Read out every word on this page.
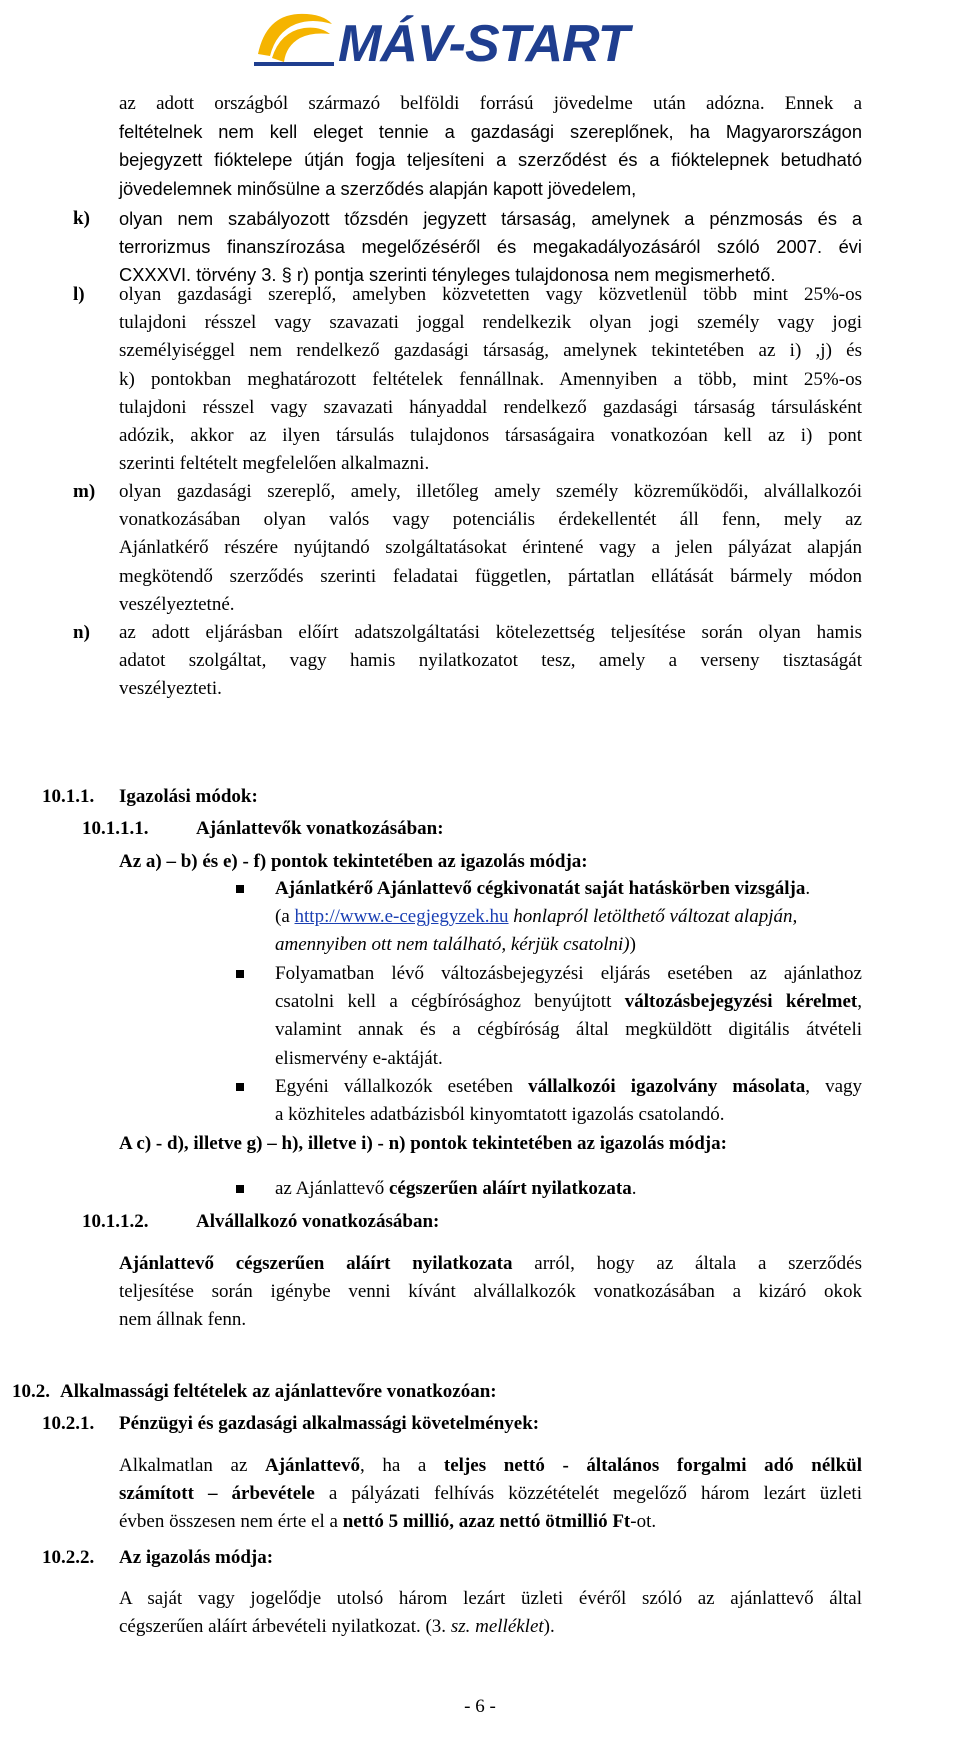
MÁV-START
az adott országból származó belföldi forrású jövedelme után adózna. Ennek a
feltételnek nem kell eleget tennie a gazdasági szereplőnek, ha Magyarországon
bejegyzett fióktelepe útján fogja teljesíteni a szerződést és a fióktelepnek betudható
jövedelemnek minősülne a szerződés alapján kapott jövedelem,
k) olyan nem szabályozott tőzsdén jegyzett társaság, amelynek a pénzmosás és a
terrorizmus finanszírozása megelőzéséről és megakadályozásáról szóló 2007. évi
CXXXVI. törvény 3. § r) pontja szerinti tényleges tulajdonosa nem megismerhető.
l) olyan gazdasági szereplő, amelyben közvetetten vagy közvetlenül több mint 25%-os
tulajdoni résszel vagy szavazati joggal rendelkezik olyan jogi személy vagy jogi
személyiséggel nem rendelkező gazdasági társaság, amelynek tekintetében az i) ,j) és
k) pontokban meghatározott feltételek fennállnak. Amennyiben a több, mint 25%-os
tulajdoni résszel vagy szavazati hányaddal rendelkező gazdasági társaság társulásként
adózik, akkor az ilyen társulás tulajdonos társaságaira vonatkozóan kell az i) pont
szerinti feltételt megfelelően alkalmazni.
m) olyan gazdasági szereplő, amely, illetőleg amely személy közreműködői, alvállalkozói
vonatkozásában olyan valós vagy potenciális érdekellentét áll fenn, mely az
Ajánlatkérő részére nyújtandó szolgáltatásokat érintené vagy a jelen pályázat alapján
megkötendő szerződés szerinti feladatai független, pártatlan ellátását bármely módon
veszélyeztetné.
n) az adott eljárásban előírt adatszolgáltatási kötelezettség teljesítése során olyan hamis
adatot szolgáltat, vagy hamis nyilatkozatot tesz, amely a verseny tisztaságát
veszélyezteti.
10.1.1. Igazolási módok:
10.1.1.1.	Ajánlattevők vonatkozásában:
Az a) – b) és e) - f) pontok tekintetében az igazolás módja:
Ajánlatkérő Ajánlattevő cégkivonatát saját hatáskörben vizsgálja.
(a http://www.e-cegjegyzek.hu honlapról letölthető változat alapján,
amennyiben ott nem található, kérjük csatolni))
Folyamatban lévő változásbejegyzési eljárás esetében az ajánlathoz
csatolni kell a cégbírósághoz benyújtott változásbejegyzési kérelmet,
valamint annak és a cégbíróság által megküldött digitális átvételi
elismervény e-aktáját.
Egyéni vállalkozók esetében vállalkozói igazolvány másolata, vagy
a közhiteles adatbázisból kinyomtatott igazolás csatolandó.
A c) - d), illetve g) – h), illetve i) - n) pontok tekintetében az igazolás módja:
az Ajánlattevő cégszerűen aláírt nyilatkozata.
10.1.1.2.	Alvállalkozó vonatkozásában:
Ajánlattevő cégszerűen aláírt nyilatkozata arról, hogy az általa a szerződés
teljesítése során igénybe venni kívánt alvállalkozók vonatkozásában a kizáró okok
nem állnak fenn.
10.2. Alkalmassági feltételek az ajánlattevőre vonatkozóan:
10.2.1. Pénzügyi és gazdasági alkalmassági követelmények:
Alkalmatlan az Ajánlattevő, ha a teljes nettó - általános forgalmi adó nélkül
számított – árbevétele a pályázati felhívás közzétételét megelőző három lezárt üzleti
évben összesen nem érte el a nettó 5 millió, azaz nettó ötmillió Ft-ot.
10.2.2. Az igazolás módja:
A saját vagy jogelődje utolsó három lezárt üzleti évéről szóló az ajánlattevő által
cégszerűen aláírt árbevételi nyilatkozat. (3. sz. melléklet).
- 6 -
